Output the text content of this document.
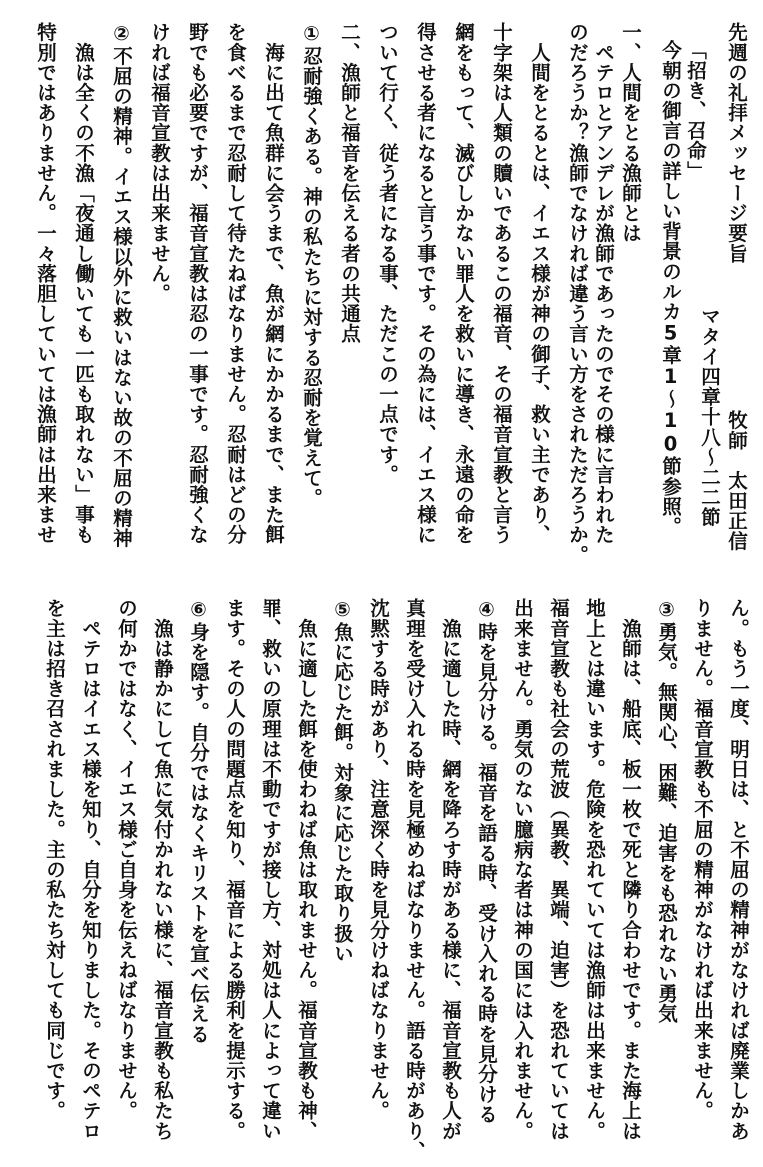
先週の礼拝メッセージ要旨
牧師　太田正信
「招き、召命」
マタイ四章十八～二二節
今朝の御言の詳しい背景のルカ5章1～10節参照。
一、人間をとる漁師とは
　ペテロとアンデレが漁師であったのでその様に言われた
のだろうか？漁師でなければ違う言い方をされただろうか。
　人間をとるとは、イエス様が神の御子、救い主であり、
十字架は人類の贖いであるこの福音、その福音宣教と言う
網をもって、滅びしかない罪人を救いに導き、永遠の命を
得させる者になると言う事です。その為には、イエス様に
ついて行く、従う者になる事、ただこの一点です。
二、漁師と福音を伝える者の共通点
①忍耐強くある。神の私たちに対する忍耐を覚えて。
　海に出て魚群に会うまで、魚が網にかかるまで、また餌
を食べるまで忍耐して待たねばなりません。忍耐はどの分
野でも必要ですが、福音宣教は忍の一事です。忍耐強くな
ければ福音宣教は出来ません。
②不屈の精神。イエス様以外に救いはない故の不屈の精神
　漁は全くの不漁「夜通し働いても一匹も取れない」事も
特別ではありません。一々落胆していては漁師は出来ませ
ん。もう一度、明日は、と不屈の精神がなければ廃業しかあ
りません。福音宣教も不屈の精神がなければ出来ません。
③勇気。無関心、困難、迫害をも恐れない勇気
　漁師は、船底、板一枚で死と隣り合わせです。また海上は
地上とは違います。危険を恐れていては漁師は出来ません。
福音宣教も社会の荒波（異教、異端、迫害）を恐れていては
出来ません。勇気のない臆病な者は神の国には入れません。
④時を見分ける。福音を語る時、受け入れる時を見分ける
　漁に適した時、網を降ろす時がある様に、福音宣教も人が
真理を受け入れる時を見極めねばなりません。語る時があり、
沈黙する時があり、注意深く時を見分けねばなりません。
⑤魚に応じた餌。対象に応じた取り扱い
　魚に適した餌を使わねば魚は取れません。福音宣教も神、
罪、救いの原理は不動ですが接し方、対処は人によって違い
ます。その人の問題点を知り、福音による勝利を提示する。
⑥身を隠す。自分ではなくキリストを宣べ伝える
　漁は静かにして魚に気付かれない様に、福音宣教も私たち
の何かではなく、イエス様ご自身を伝えねばなりません。
　ペテロはイエス様を知り、自分を知りました。そのペテロ
を主は招き召されました。主の私たち対しても同じです。
